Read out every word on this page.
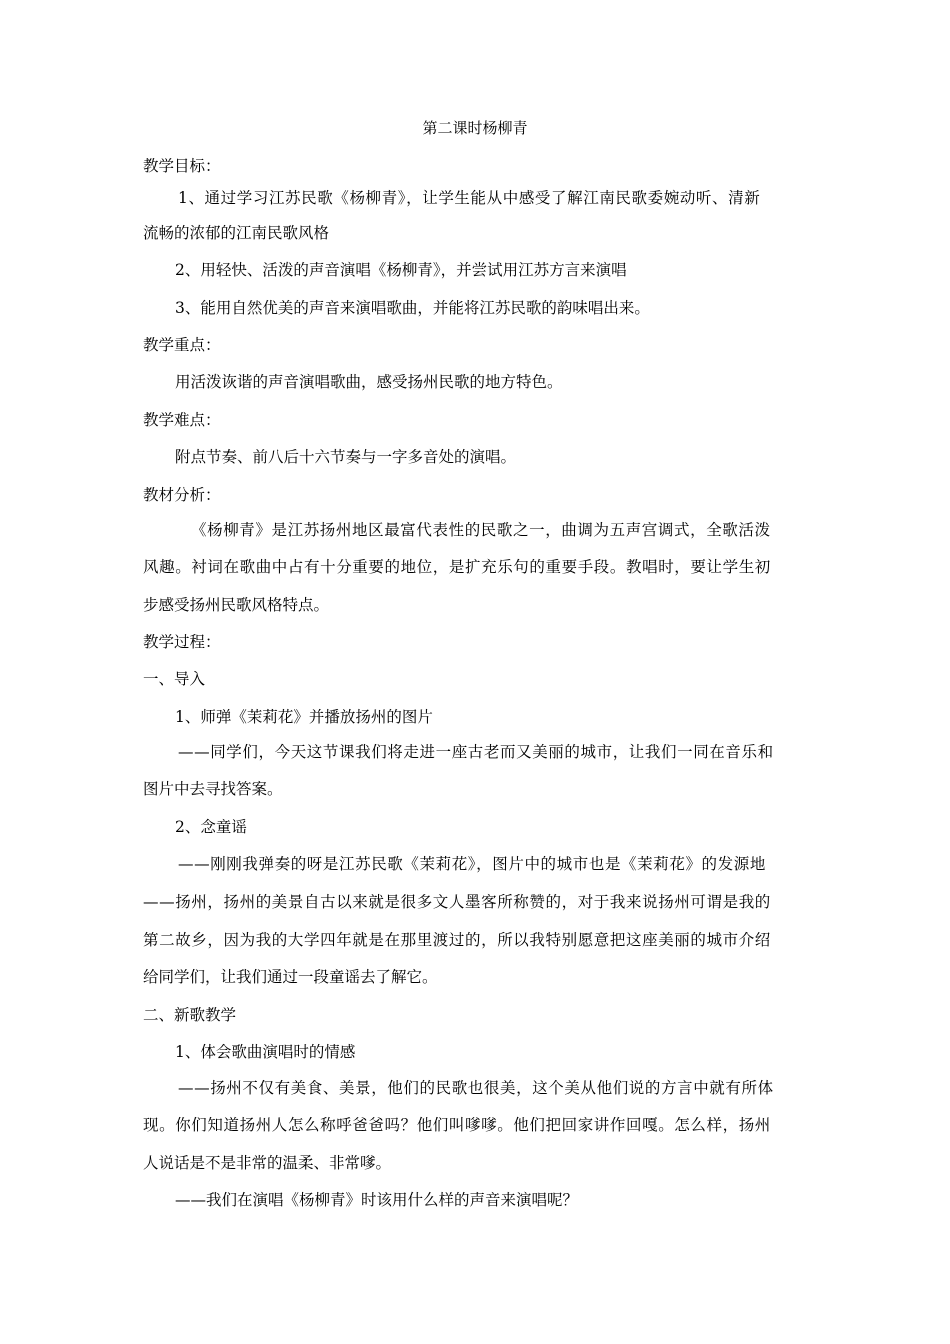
第二课时杨柳青
教学目标：
1、通过学习江苏民歌《杨柳青》，让学生能从中感受了解江南民歌委婉动听、清新
流畅的浓郁的江南民歌风格
2、用轻快、活泼的声音演唱《杨柳青》，并尝试用江苏方言来演唱
3、能用自然优美的声音来演唱歌曲，并能将江苏民歌的韵味唱出来。
教学重点：
用活泼诙谐的声音演唱歌曲，感受扬州民歌的地方特色。
教学难点：
附点节奏、前八后十六节奏与一字多音处的演唱。
教材分析：
《杨柳青》是江苏扬州地区最富代表性的民歌之一，曲调为五声宫调式，全歌活泼
风趣。衬词在歌曲中占有十分重要的地位，是扩充乐句的重要手段。教唱时，要让学生初
步感受扬州民歌风格特点。
教学过程：
一、导入
1、师弹《茉莉花》并播放扬州的图片
——同学们，今天这节课我们将走进一座古老而又美丽的城市，让我们一同在音乐和
图片中去寻找答案。
2、念童谣
——刚刚我弹奏的呀是江苏民歌《茉莉花》，图片中的城市也是《茉莉花》的发源地
——扬州，扬州的美景自古以来就是很多文人墨客所称赞的，对于我来说扬州可谓是我的
第二故乡，因为我的大学四年就是在那里渡过的，所以我特别愿意把这座美丽的城市介绍
给同学们，让我们通过一段童谣去了解它。
二、新歌教学
1、体会歌曲演唱时的情感
——扬州不仅有美食、美景，他们的民歌也很美，这个美从他们说的方言中就有所体
现。你们知道扬州人怎么称呼爸爸吗？他们叫嗲嗲。他们把回家讲作回嘎。怎么样，扬州
人说话是不是非常的温柔、非常嗲。
——我们在演唱《杨柳青》时该用什么样的声音来演唱呢？
